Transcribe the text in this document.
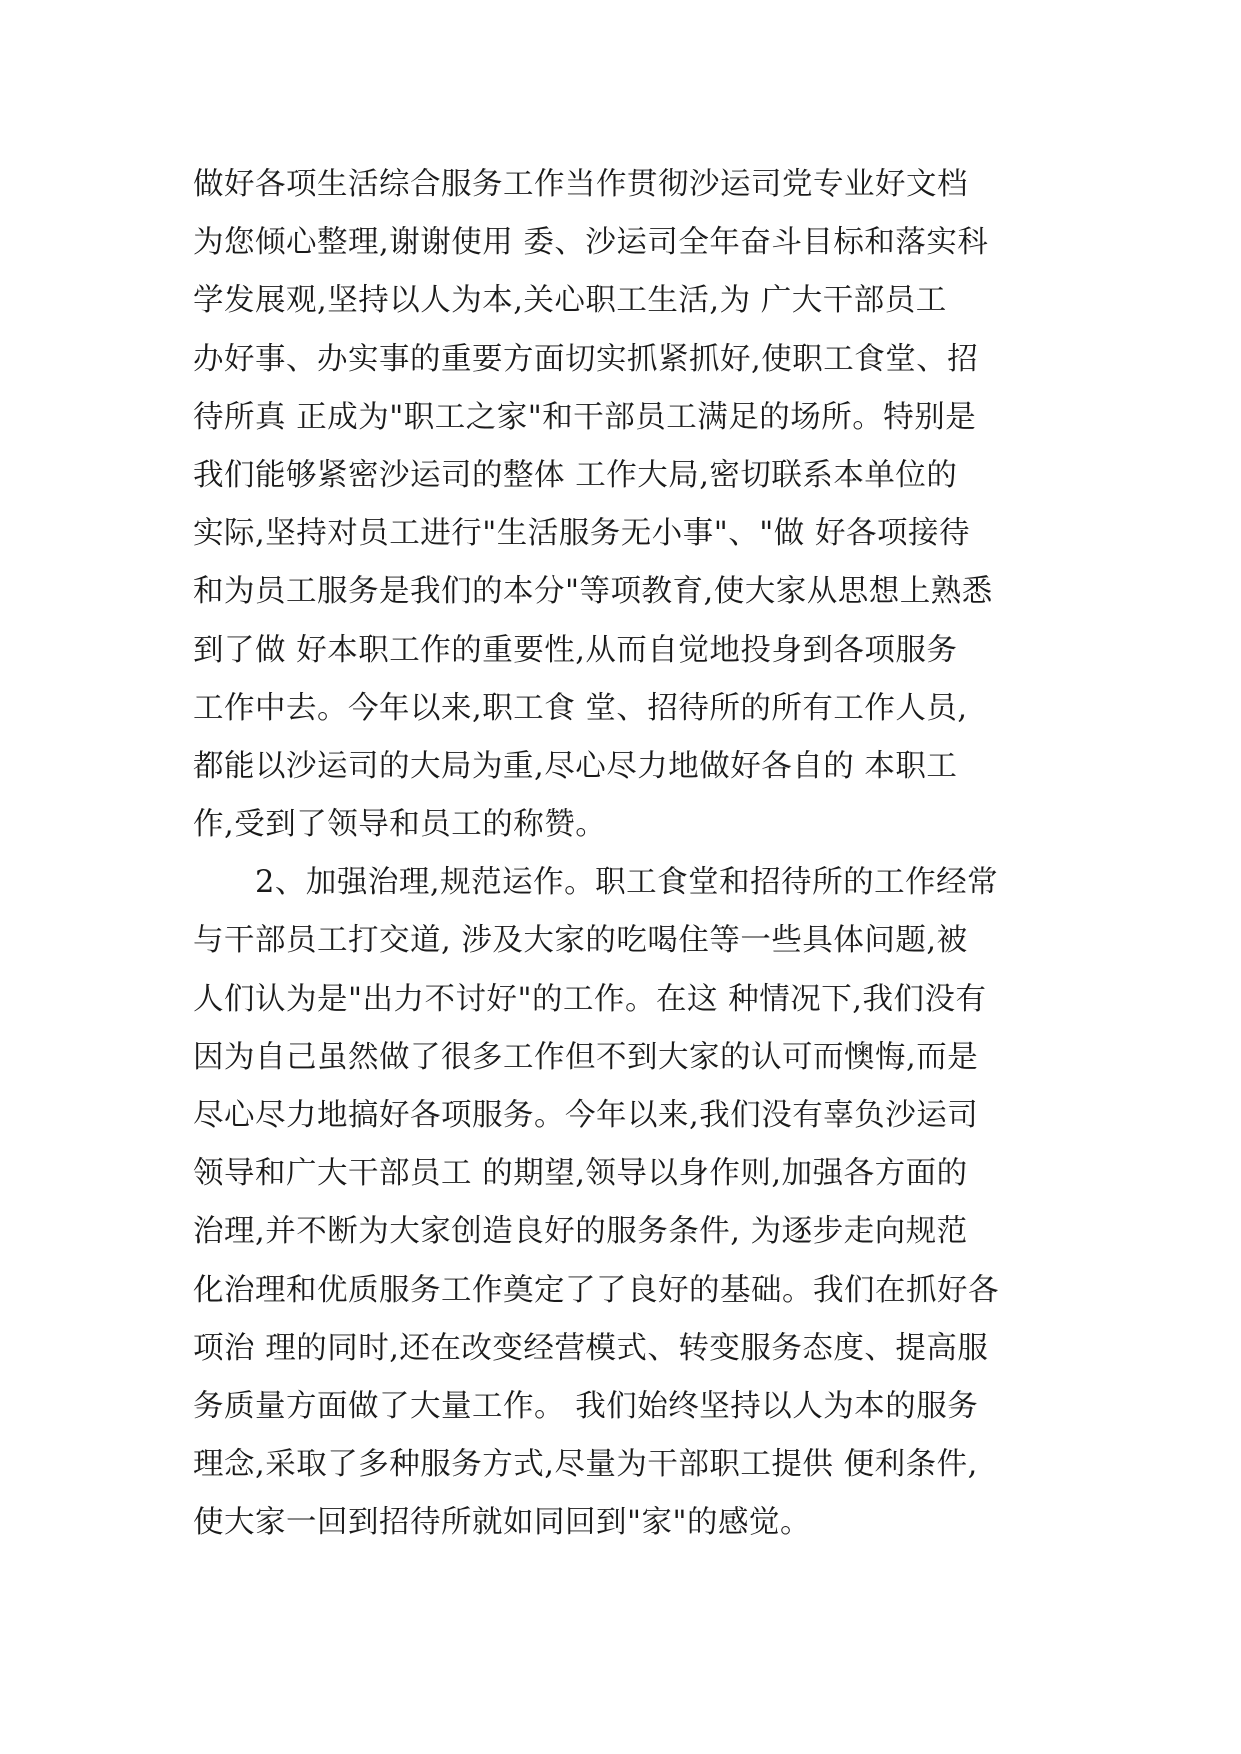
做好各项生活综合服务工作当作贯彻沙运司党专业好文档
为您倾心整理,谢谢使用 委、沙运司全年奋斗目标和落实科
学发展观,坚持以人为本,关心职工生活,为 广大干部员工
办好事、办实事的重要方面切实抓紧抓好,使职工食堂、招
待所真 正成为"职工之家"和干部员工满足的场所。特别是
我们能够紧密沙运司的整体 工作大局,密切联系本单位的
实际,坚持对员工进行"生活服务无小事"、"做 好各项接待
和为员工服务是我们的本分"等项教育,使大家从思想上熟悉
到了做 好本职工作的重要性,从而自觉地投身到各项服务
工作中去。今年以来,职工食 堂、招待所的所有工作人员,
都能以沙运司的大局为重,尽心尽力地做好各自的 本职工
作,受到了领导和员工的称赞。
2、加强治理,规范运作。职工食堂和招待所的工作经常
与干部员工打交道, 涉及大家的吃喝住等一些具体问题,被
人们认为是"出力不讨好"的工作。在这 种情况下,我们没有
因为自己虽然做了很多工作但不到大家的认可而懊悔,而是
尽心尽力地搞好各项服务。今年以来,我们没有辜负沙运司
领导和广大干部员工 的期望,领导以身作则,加强各方面的
治理,并不断为大家创造良好的服务条件, 为逐步走向规范
化治理和优质服务工作奠定了了良好的基础。我们在抓好各
项治 理的同时,还在改变经营模式、转变服务态度、提高服
务质量方面做了大量工作。 我们始终坚持以人为本的服务
理念,采取了多种服务方式,尽量为干部职工提供 便利条件,
使大家一回到招待所就如同回到"家"的感觉。
